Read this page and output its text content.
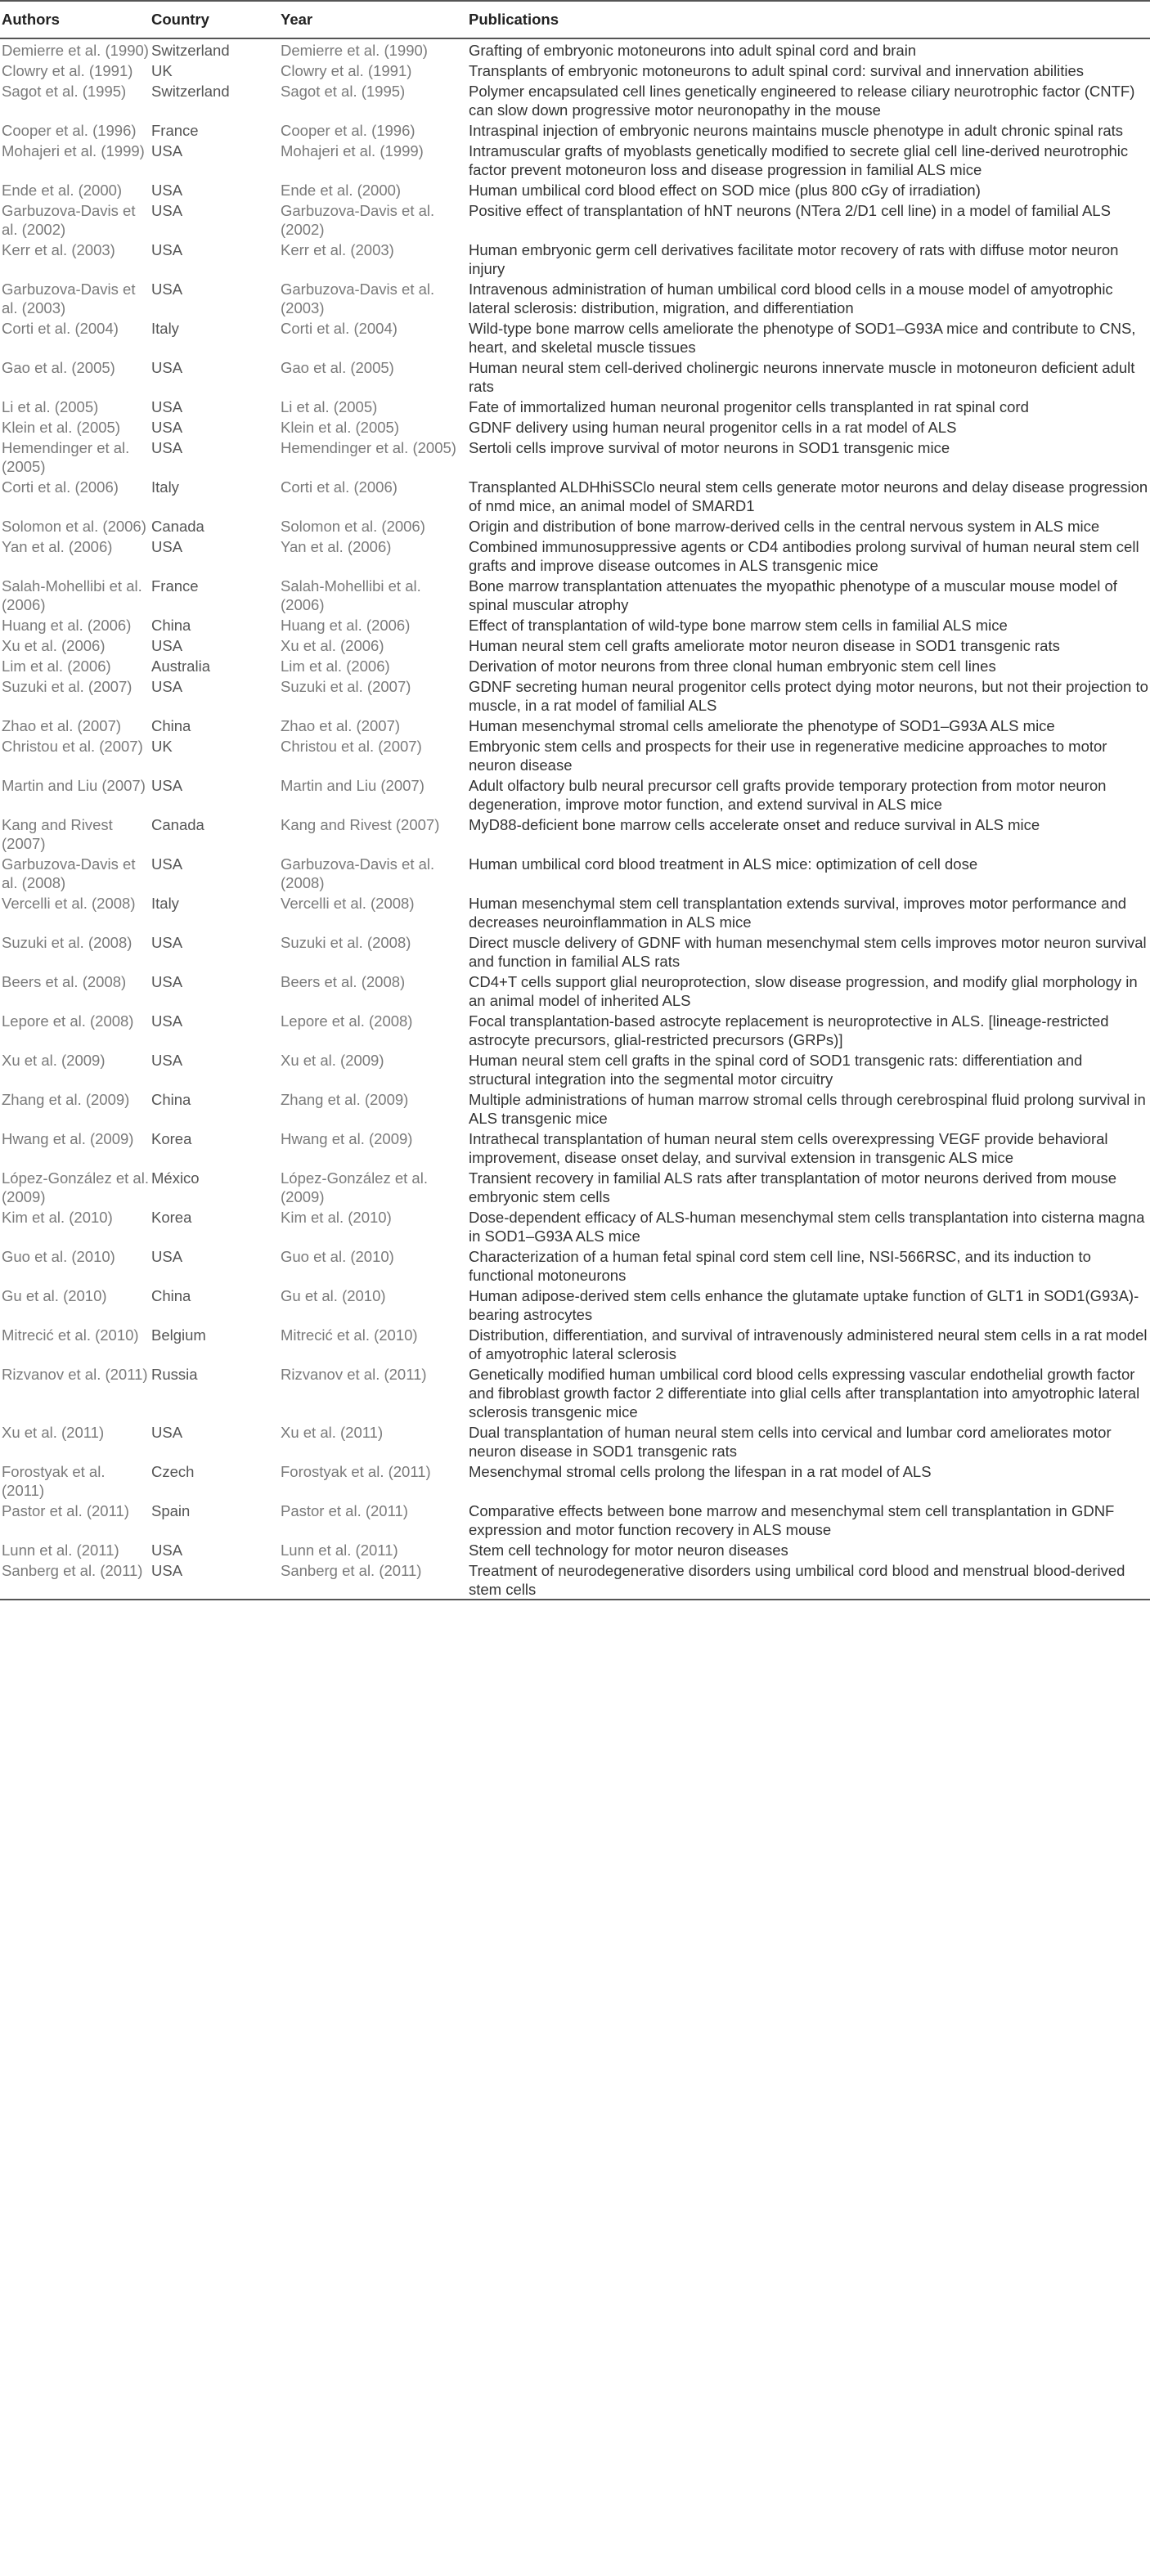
Authors	Country	Year	Publications
Demierre et al. (1990)	Switzerland	Demierre et al. (1990)	Grafting of embryonic motoneurons into adult spinal cord and brain
Clowry et al. (1991)	UK	Clowry et al. (1991)	Transplants of embryonic motoneurons to adult spinal cord: survival and innervation abilities
Sagot et al. (1995)	Switzerland	Sagot et al. (1995)	Polymer encapsulated cell lines genetically engineered to release ciliary neurotrophic factor (CNTF) can slow down progressive motor neuronopathy in the mouse
Cooper et al. (1996)	France	Cooper et al. (1996)	Intraspinal injection of embryonic neurons maintains muscle phenotype in adult chronic spinal rats
Mohajeri et al. (1999)	USA	Mohajeri et al. (1999)	Intramuscular grafts of myoblasts genetically modified to secrete glial cell line-derived neurotrophic factor prevent motoneuron loss and disease progression in familial ALS mice
Ende et al. (2000)	USA	Ende et al. (2000)	Human umbilical cord blood effect on SOD mice (plus 800 cGy of irradiation)
Garbuzova-Davis et al. (2002)	USA	Garbuzova-Davis et al. (2002)	Positive effect of transplantation of hNT neurons (NTera 2/D1 cell line) in a model of familial ALS
Kerr et al. (2003)	USA	Kerr et al. (2003)	Human embryonic germ cell derivatives facilitate motor recovery of rats with diffuse motor neuron injury
Garbuzova-Davis et al. (2003)	USA	Garbuzova-Davis et al. (2003)	Intravenous administration of human umbilical cord blood cells in a mouse model of amyotrophic lateral sclerosis: distribution, migration, and differentiation
Corti et al. (2004)	Italy	Corti et al. (2004)	Wild-type bone marrow cells ameliorate the phenotype of SOD1–G93A mice and contribute to CNS, heart, and skeletal muscle tissues
Gao et al. (2005)	USA	Gao et al. (2005)	Human neural stem cell-derived cholinergic neurons innervate muscle in motoneuron deficient adult rats
Li et al. (2005)	USA	Li et al. (2005)	Fate of immortalized human neuronal progenitor cells transplanted in rat spinal cord
Klein et al. (2005)	USA	Klein et al. (2005)	GDNF delivery using human neural progenitor cells in a rat model of ALS
Hemendinger et al. (2005)	USA	Hemendinger et al. (2005)	Sertoli cells improve survival of motor neurons in SOD1 transgenic mice
Corti et al. (2006)	Italy	Corti et al. (2006)	Transplanted ALDHhiSSClo neural stem cells generate motor neurons and delay disease progression of nmd mice, an animal model of SMARD1
Solomon et al. (2006)	Canada	Solomon et al. (2006)	Origin and distribution of bone marrow-derived cells in the central nervous system in ALS mice
Yan et al. (2006)	USA	Yan et al. (2006)	Combined immunosuppressive agents or CD4 antibodies prolong survival of human neural stem cell grafts and improve disease outcomes in ALS transgenic mice
Salah-Mohellibi et al. (2006)	France	Salah-Mohellibi et al. (2006)	Bone marrow transplantation attenuates the myopathic phenotype of a muscular mouse model of spinal muscular atrophy
Huang et al. (2006)	China	Huang et al. (2006)	Effect of transplantation of wild-type bone marrow stem cells in familial ALS mice
Xu et al. (2006)	USA	Xu et al. (2006)	Human neural stem cell grafts ameliorate motor neuron disease in SOD1 transgenic rats
Lim et al. (2006)	Australia	Lim et al. (2006)	Derivation of motor neurons from three clonal human embryonic stem cell lines
Suzuki et al. (2007)	USA	Suzuki et al. (2007)	GDNF secreting human neural progenitor cells protect dying motor neurons, but not their projection to muscle, in a rat model of familial ALS
Zhao et al. (2007)	China	Zhao et al. (2007)	Human mesenchymal stromal cells ameliorate the phenotype of SOD1–G93A ALS mice
Christou et al. (2007)	UK	Christou et al. (2007)	Embryonic stem cells and prospects for their use in regenerative medicine approaches to motor neuron disease
Martin and Liu (2007)	USA	Martin and Liu (2007)	Adult olfactory bulb neural precursor cell grafts provide temporary protection from motor neuron degeneration, improve motor function, and extend survival in ALS mice
Kang and Rivest (2007)	Canada	Kang and Rivest (2007)	MyD88-deficient bone marrow cells accelerate onset and reduce survival in ALS mice
Garbuzova-Davis et al. (2008)	USA	Garbuzova-Davis et al. (2008)	Human umbilical cord blood treatment in ALS mice: optimization of cell dose
Vercelli et al. (2008)	Italy	Vercelli et al. (2008)	Human mesenchymal stem cell transplantation extends survival, improves motor performance and decreases neuroinflammation in ALS mice
Suzuki et al. (2008)	USA	Suzuki et al. (2008)	Direct muscle delivery of GDNF with human mesenchymal stem cells improves motor neuron survival and function in familial ALS rats
Beers et al. (2008)	USA	Beers et al. (2008)	CD4+T cells support glial neuroprotection, slow disease progression, and modify glial morphology in an animal model of inherited ALS
Lepore et al. (2008)	USA	Lepore et al. (2008)	Focal transplantation-based astrocyte replacement is neuroprotective in ALS. [lineage-restricted astrocyte precursors, glial-restricted precursors (GRPs)]
Xu et al. (2009)	USA	Xu et al. (2009)	Human neural stem cell grafts in the spinal cord of SOD1 transgenic rats: differentiation and structural integration into the segmental motor circuitry
Zhang et al. (2009)	China	Zhang et al. (2009)	Multiple administrations of human marrow stromal cells through cerebrospinal fluid prolong survival in ALS transgenic mice
Hwang et al. (2009)	Korea	Hwang et al. (2009)	Intrathecal transplantation of human neural stem cells overexpressing VEGF provide behavioral improvement, disease onset delay, and survival extension in transgenic ALS mice
López-González et al. (2009)	México	López-González et al. (2009)	Transient recovery in familial ALS rats after transplantation of motor neurons derived from mouse embryonic stem cells
Kim et al. (2010)	Korea	Kim et al. (2010)	Dose-dependent efficacy of ALS-human mesenchymal stem cells transplantation into cisterna magna in SOD1–G93A ALS mice
Guo et al. (2010)	USA	Guo et al. (2010)	Characterization of a human fetal spinal cord stem cell line, NSI-566RSC, and its induction to functional motoneurons
Gu et al. (2010)	China	Gu et al. (2010)	Human adipose-derived stem cells enhance the glutamate uptake function of GLT1 in SOD1(G93A)-bearing astrocytes
Mitrecić et al. (2010)	Belgium	Mitrecić et al. (2010)	Distribution, differentiation, and survival of intravenously administered neural stem cells in a rat model of amyotrophic lateral sclerosis
Rizvanov et al. (2011)	Russia	Rizvanov et al. (2011)	Genetically modified human umbilical cord blood cells expressing vascular endothelial growth factor and fibroblast growth factor 2 differentiate into glial cells after transplantation into amyotrophic lateral sclerosis transgenic mice
Xu et al. (2011)	USA	Xu et al. (2011)	Dual transplantation of human neural stem cells into cervical and lumbar cord ameliorates motor neuron disease in SOD1 transgenic rats
Forostyak et al. (2011)	Czech	Forostyak et al. (2011)	Mesenchymal stromal cells prolong the lifespan in a rat model of ALS
Pastor et al. (2011)	Spain	Pastor et al. (2011)	Comparative effects between bone marrow and mesenchymal stem cell transplantation in GDNF expression and motor function recovery in ALS mouse
Lunn et al. (2011)	USA	Lunn et al. (2011)	Stem cell technology for motor neuron diseases
Sanberg et al. (2011)	USA	Sanberg et al. (2011)	Treatment of neurodegenerative disorders using umbilical cord blood and menstrual blood-derived stem cells
